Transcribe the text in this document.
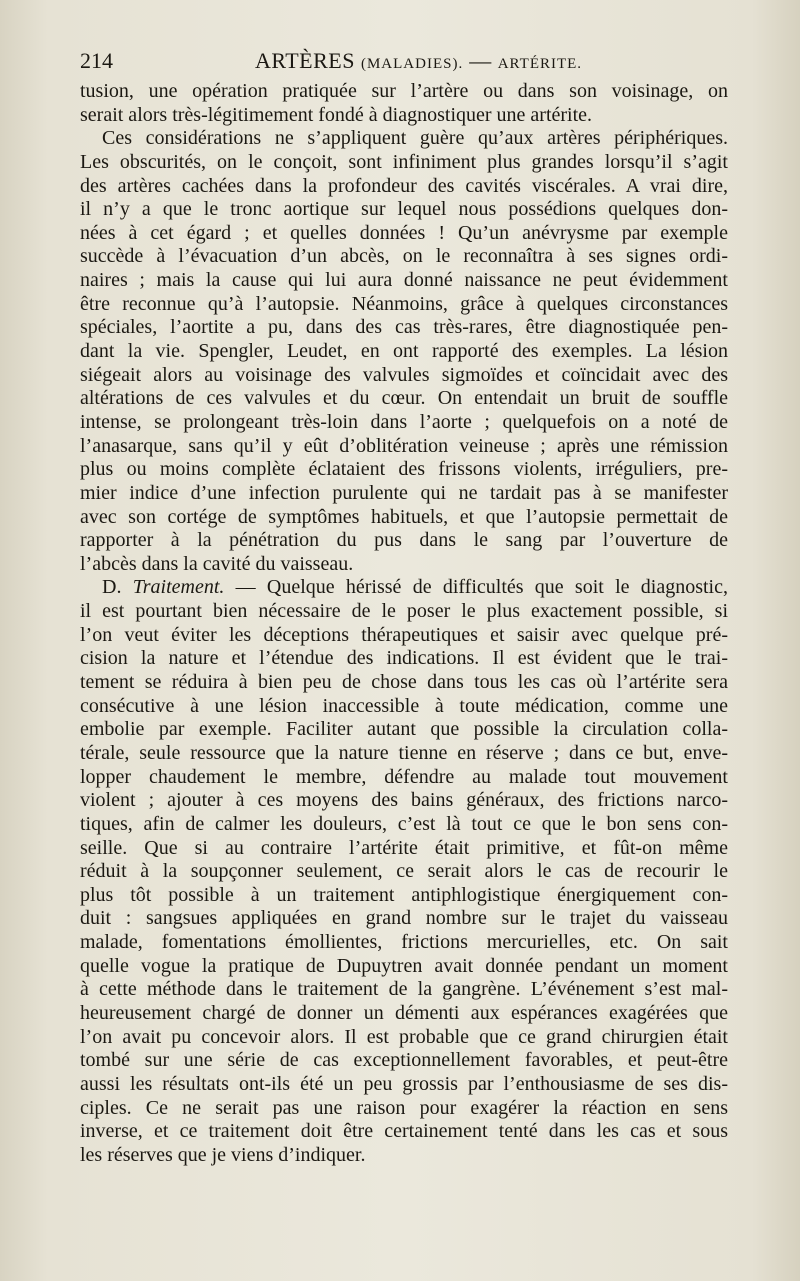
214	ARTÈRES (MALADIES). — ARTÉRITE.
tusion, une opération pratiquée sur l’artère ou dans son voisinage, on
serait alors très-légitimement fondé à diagnostiquer une artérite.
Ces considérations ne s’appliquent guère qu’aux artères périphériques.
Les obscurités, on le conçoit, sont infiniment plus grandes lorsqu’il s’agit
des artères cachées dans la profondeur des cavités viscérales. A vrai dire,
il n’y a que le tronc aortique sur lequel nous possédions quelques don-
nées à cet égard ; et quelles données ! Qu’un anévrysme par exemple
succède à l’évacuation d’un abcès, on le reconnaîtra à ses signes ordi-
naires ; mais la cause qui lui aura donné naissance ne peut évidemment
être reconnue qu’à l’autopsie. Néanmoins, grâce à quelques circonstances
spéciales, l’aortite a pu, dans des cas très-rares, être diagnostiquée pen-
dant la vie. Spengler, Leudet, en ont rapporté des exemples. La lésion
siégeait alors au voisinage des valvules sigmoïdes et coïncidait avec des
altérations de ces valvules et du cœur. On entendait un bruit de souffle
intense, se prolongeant très-loin dans l’aorte ; quelquefois on a noté de
l’anasarque, sans qu’il y eût d’oblitération veineuse ; après une rémission
plus ou moins complète éclataient des frissons violents, irréguliers, pre-
mier indice d’une infection purulente qui ne tardait pas à se manifester
avec son cortége de symptômes habituels, et que l’autopsie permettait de
rapporter à la pénétration du pus dans le sang par l’ouverture de
l’abcès dans la cavité du vaisseau.
D. Traitement. — Quelque hérissé de difficultés que soit le diagnostic,
il est pourtant bien nécessaire de le poser le plus exactement possible, si
l’on veut éviter les déceptions thérapeutiques et saisir avec quelque pré-
cision la nature et l’étendue des indications. Il est évident que le trai-
tement se réduira à bien peu de chose dans tous les cas où l’artérite sera
consécutive à une lésion inaccessible à toute médication, comme une
embolie par exemple. Faciliter autant que possible la circulation colla-
térale, seule ressource que la nature tienne en réserve ; dans ce but, enve-
lopper chaudement le membre, défendre au malade tout mouvement
violent ; ajouter à ces moyens des bains généraux, des frictions narco-
tiques, afin de calmer les douleurs, c’est là tout ce que le bon sens con-
seille. Que si au contraire l’artérite était primitive, et fût-on même
réduit à la soupçonner seulement, ce serait alors le cas de recourir le
plus tôt possible à un traitement antiphlogistique énergiquement con-
duit : sangsues appliquées en grand nombre sur le trajet du vaisseau
malade, fomentations émollientes, frictions mercurielles, etc. On sait
quelle vogue la pratique de Dupuytren avait donnée pendant un moment
à cette méthode dans le traitement de la gangrène. L’événement s’est mal-
heureusement chargé de donner un démenti aux espérances exagérées que
l’on avait pu concevoir alors. Il est probable que ce grand chirurgien était
tombé sur une série de cas exceptionnellement favorables, et peut-être
aussi les résultats ont-ils été un peu grossis par l’enthousiasme de ses dis-
ciples. Ce ne serait pas une raison pour exagérer la réaction en sens
inverse, et ce traitement doit être certainement tenté dans les cas et sous
les réserves que je viens d’indiquer.
